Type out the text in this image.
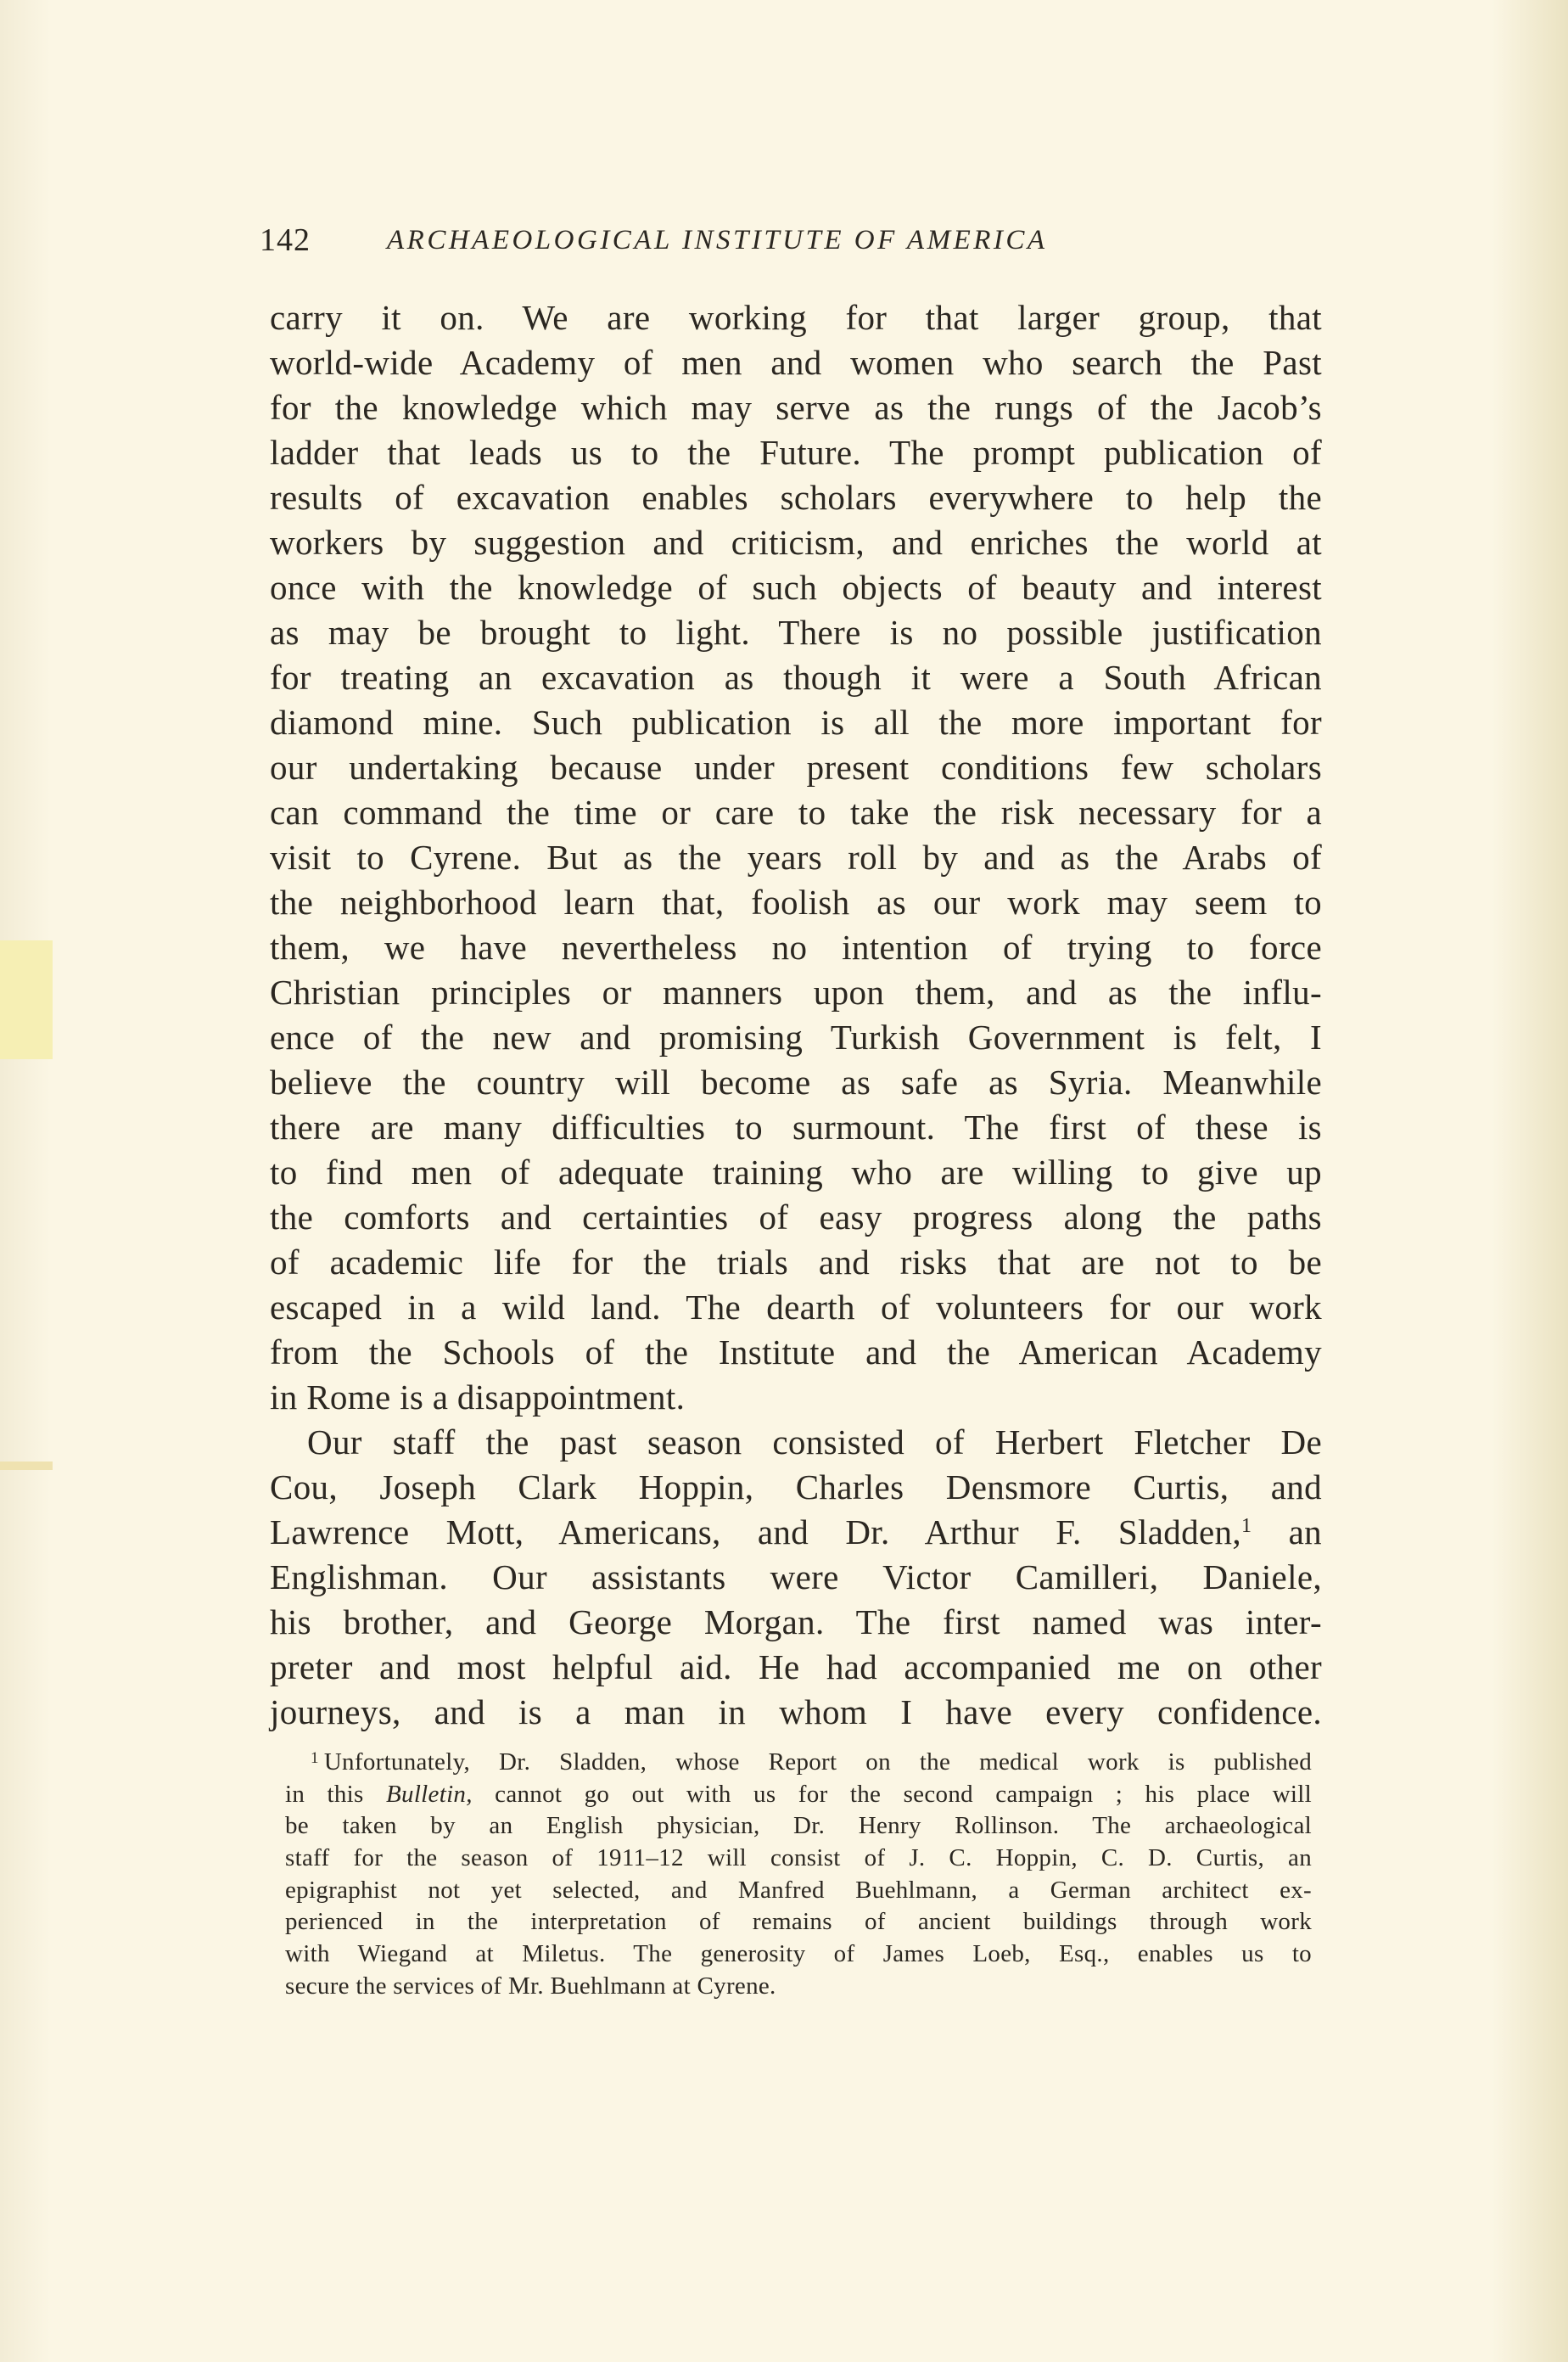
142	ARCHAEOLOGICAL INSTITUTE OF AMERICA
carry it on. We are working for that larger group, that
world-wide Academy of men and women who search the Past
for the knowledge which may serve as the rungs of the Jacob’s
ladder that leads us to the Future. The prompt publication of
results of excavation enables scholars everywhere to help the
workers by suggestion and criticism, and enriches the world at
once with the knowledge of such objects of beauty and interest
as may be brought to light. There is no possible justification
for treating an excavation as though it were a South African
diamond mine. Such publication is all the more important for
our undertaking because under present conditions few scholars
can command the time or care to take the risk necessary for a
visit to Cyrene. But as the years roll by and as the Arabs of
the neighborhood learn that, foolish as our work may seem to
them, we have nevertheless no intention of trying to force
Christian principles or manners upon them, and as the influ-
ence of the new and promising Turkish Government is felt, I
believe the country will become as safe as Syria. Meanwhile
there are many difficulties to surmount. The first of these is
to find men of adequate training who are willing to give up
the comforts and certainties of easy progress along the paths
of academic life for the trials and risks that are not to be
escaped in a wild land. The dearth of volunteers for our work
from the Schools of the Institute and the American Academy
in Rome is a disappointment.
Our staff the past season consisted of Herbert Fletcher De
Cou, Joseph Clark Hoppin, Charles Densmore Curtis, and
Lawrence Mott, Americans, and Dr. Arthur F. Sladden,$^1$ an
Englishman. Our assistants were Victor Camilleri, Daniele,
his brother, and George Morgan. The first named was inter-
preter and most helpful aid. He had accompanied me on other
journeys, and is a man in whom I have every confidence.
$^1$ Unfortunately, Dr. Sladden, whose Report on the medical work is published
in this Bulletin, cannot go out with us for the second campaign ; his place will
be taken by an English physician, Dr. Henry Rollinson. The archaeological
staff for the season of 1911–12 will consist of J. C. Hoppin, C. D. Curtis, an
epigraphist not yet selected, and Manfred Buehlmann, a German architect ex-
perienced in the interpretation of remains of ancient buildings through work
with Wiegand at Miletus. The generosity of James Loeb, Esq., enables us to
secure the services of Mr. Buehlmann at Cyrene.
